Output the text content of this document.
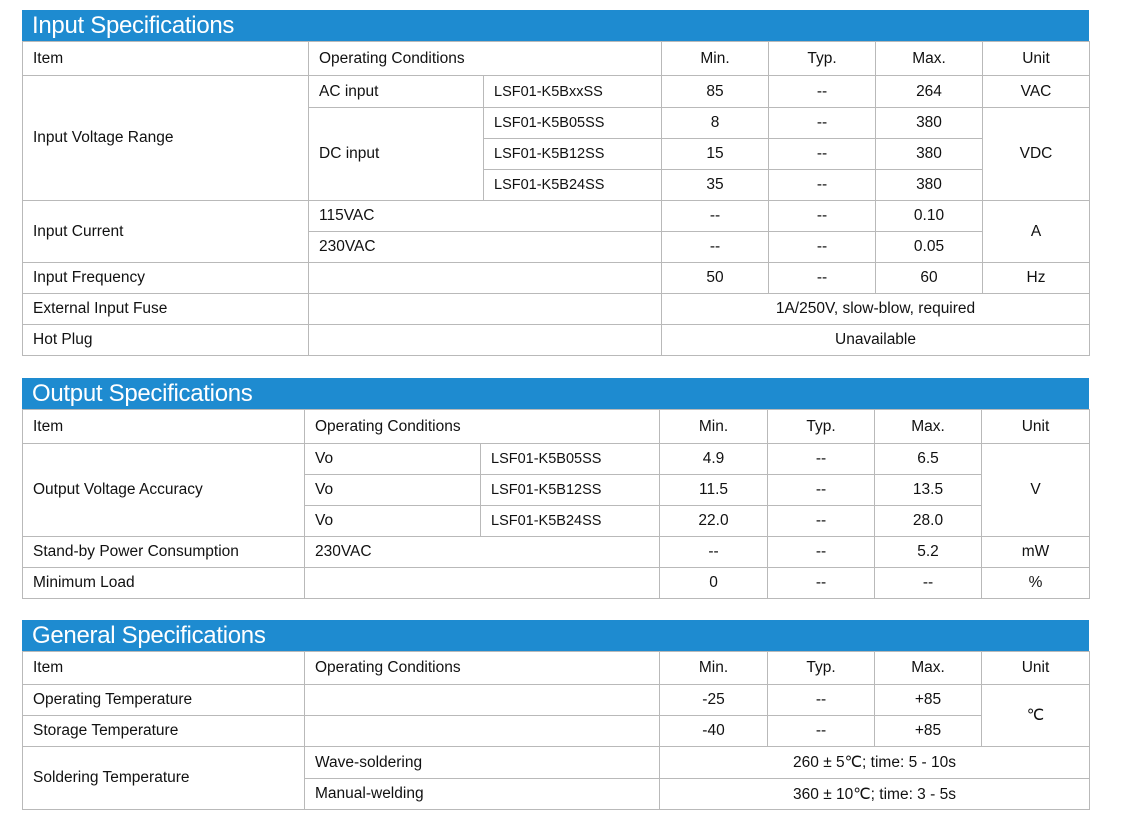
Input Specifications
Item	Operating Conditions		Min.	Typ.	Max.	Unit
Input Voltage Range	AC input	LSF01-K5BxxSS	85	--	264	VAC
	DC input	LSF01-K5B05SS	8	--	380	VDC
		LSF01-K5B12SS	15	--	380	
		LSF01-K5B24SS	35	--	380	
Input Current	115VAC		--	--	0.10	A
	230VAC		--	--	0.05	
Input Frequency			50	--	60	Hz
External Input Fuse			1A/250V, slow-blow, required			
Hot Plug			Unavailable			
Output Specifications
Item	Operating Conditions		Min.	Typ.	Max.	Unit
Output Voltage Accuracy	Vo	LSF01-K5B05SS	4.9	--	6.5	V
	Vo	LSF01-K5B12SS	11.5	--	13.5	
	Vo	LSF01-K5B24SS	22.0	--	28.0	
Stand-by Power Consumption	230VAC		--	--	5.2	mW
Minimum Load			0	--	--	%
General Specifications
Item	Operating Conditions	Min.	Typ.	Max.	Unit
Operating Temperature		-25	--	+85	℃
Storage Temperature		-40	--	+85	
Soldering Temperature	Wave-soldering	260 ± 5℃; time: 5 - 10s			
	Manual-welding	360 ± 10℃; time: 3 - 5s			
